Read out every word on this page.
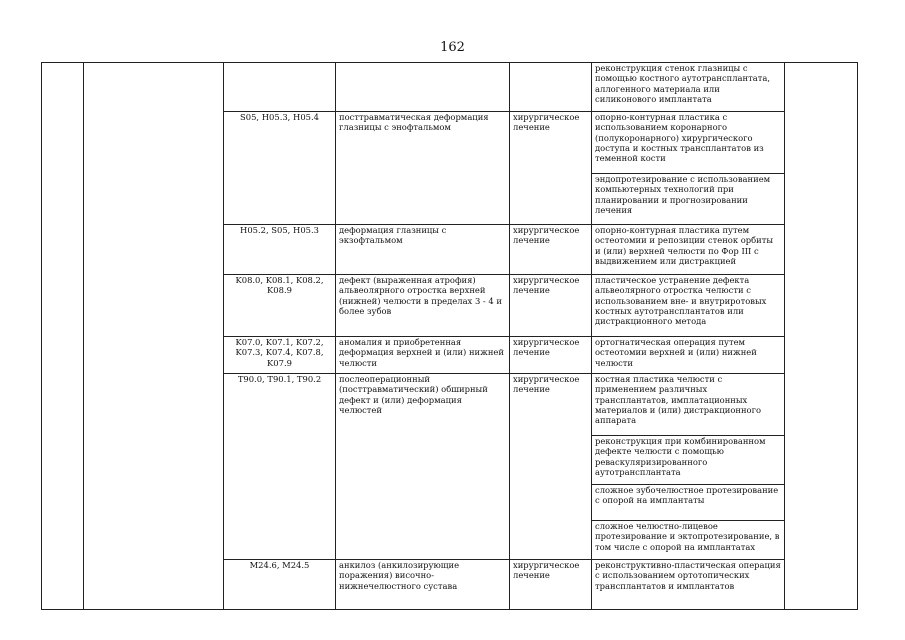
162
					реконструкция стенок глазницы с помощью костного аутотрансплантата, аллогенного материала или силиконового имплантата	
		S05, H05.3, H05.4	посттравматическая деформация глазницы с энофтальмом	хирургическое лечение	опорно-контурная пластика с использованием коронарного (полукоронарного) хирургического доступа и костных трансплантатов из теменной кости	
					эндопротезирование с использованием компьютерных технологий при планировании и прогнозировании лечения	
		H05.2, S05, H05.3	деформация глазницы с экзофтальмом	хирургическое лечение	опорно-контурная пластика путем остеотомии и репозиции стенок орбиты и (или) верхней челюсти по Фор III с выдвижением или дистракцией	
		K08.0, K08.1, K08.2, K08.9	дефект (выраженная атрофия) альвеолярного отростка верхней (нижней) челюсти в пределах 3 - 4 и более зубов	хирургическое лечение	пластическое устранение дефекта альвеолярного отростка челюсти с использованием вне- и внутриротовых костных аутотрансплантатов или дистракционного метода	
		K07.0, K07.1, K07.2, K07.3, K07.4, K07.8, K07.9	аномалия и приобретенная деформация верхней и (или) нижней челюсти	хирургическое лечение	ортогнатическая операция путем остеотомии верхней и (или) нижней челюсти	
		T90.0, T90.1, T90.2	послеоперационный (посттравматический) обширный дефект и (или) деформация челюстей	хирургическое лечение	костная пластика челюсти с применением различных трансплантатов, имплатационных материалов и (или) дистракционного аппарата	
					реконструкция при комбинированном дефекте челюсти с помощью реваскуляризированного аутотрансплантата	
					сложное зубочелюстное протезирование с опорой на имплантаты	
					сложное челюстно-лицевое протезирование и эктопротезирование, в том числе с опорой на имплантатах	
		M24.6, M24.5	анкилоз (анкилозирующие поражения) височно-нижнечелюстного сустава	хирургическое лечение	реконструктивно-пластическая операция с использованием ортотопических трансплантатов и имплантатов	
